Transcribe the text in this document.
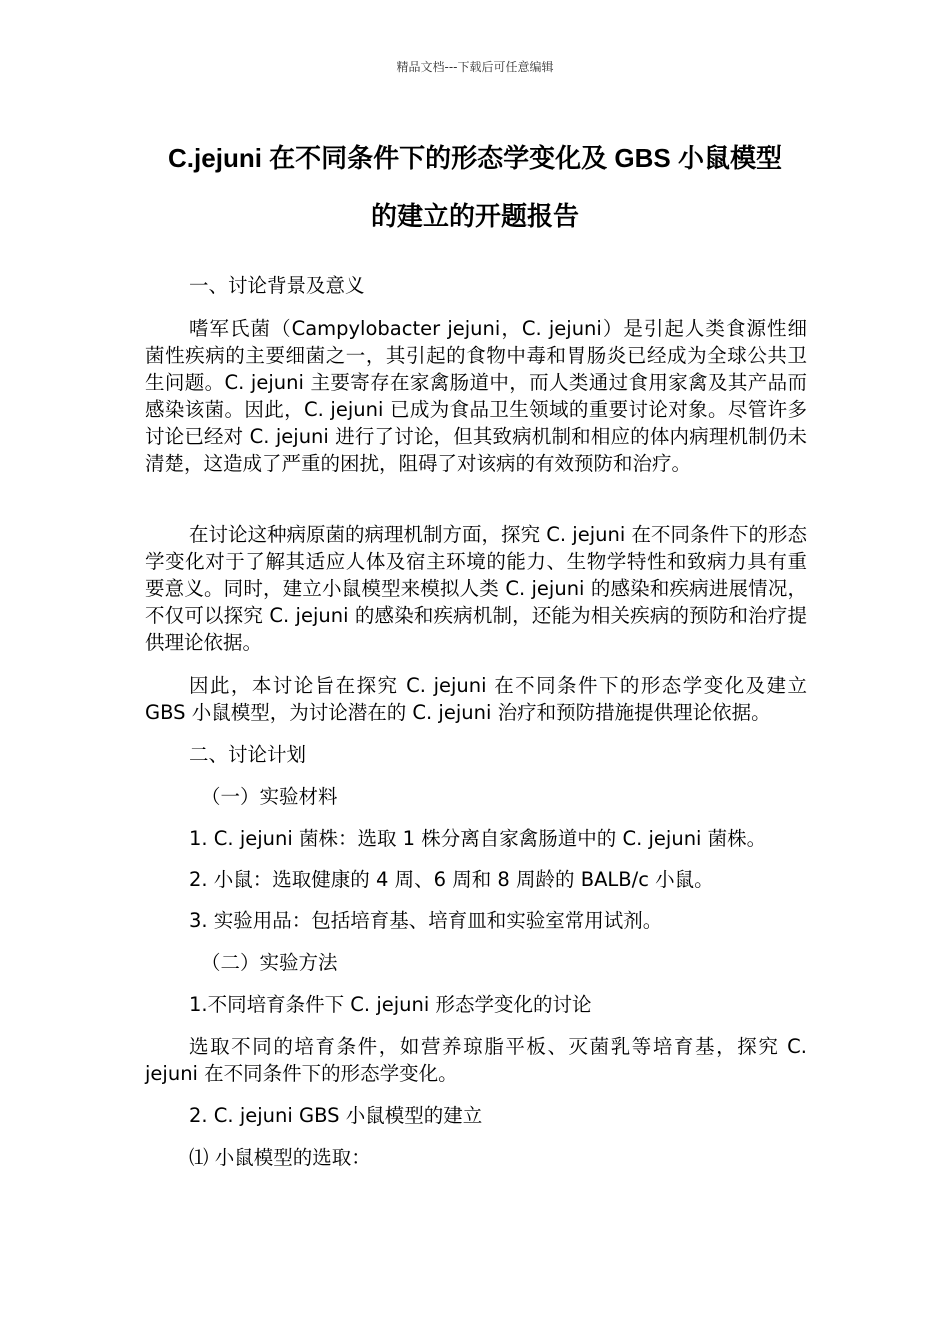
精品文档---下载后可任意编辑
C.jejuni 在不同条件下的形态学变化及 GBS 小鼠模型
的建立的开题报告
一、讨论背景及意义
嗜军氏菌（Campylobacter jejuni，C. jejuni）是引起人类食源性细菌性疾病的主要细菌之一，其引起的食物中毒和胃肠炎已经成为全球公共卫生问题。C. jejuni 主要寄存在家禽肠道中，而人类通过食用家禽及其产品而感染该菌。因此，C. jejuni 已成为食品卫生领域的重要讨论对象。尽管许多讨论已经对 C. jejuni 进行了讨论，但其致病机制和相应的体内病理机制仍未清楚，这造成了严重的困扰，阻碍了对该病的有效预防和治疗。
在讨论这种病原菌的病理机制方面，探究 C. jejuni 在不同条件下的形态学变化对于了解其适应人体及宿主环境的能力、生物学特性和致病力具有重要意义。同时，建立小鼠模型来模拟人类 C. jejuni 的感染和疾病进展情况，不仅可以探究 C. jejuni 的感染和疾病机制，还能为相关疾病的预防和治疗提供理论依据。
因此，本讨论旨在探究 C. jejuni 在不同条件下的形态学变化及建立 GBS 小鼠模型，为讨论潜在的 C. jejuni 治疗和预防措施提供理论依据。
二、讨论计划
（一）实验材料
1. C. jejuni 菌株：选取 1 株分离自家禽肠道中的 C. jejuni 菌株。
2. 小鼠：选取健康的 4 周、6 周和 8 周龄的 BALB/c 小鼠。
3. 实验用品：包括培育基、培育皿和实验室常用试剂。
（二）实验方法
1.不同培育条件下 C. jejuni 形态学变化的讨论
选取不同的培育条件，如营养琼脂平板、灭菌乳等培育基，探究 C. jejuni 在不同条件下的形态学变化。
2. C. jejuni GBS 小鼠模型的建立
⑴ 小鼠模型的选取：
